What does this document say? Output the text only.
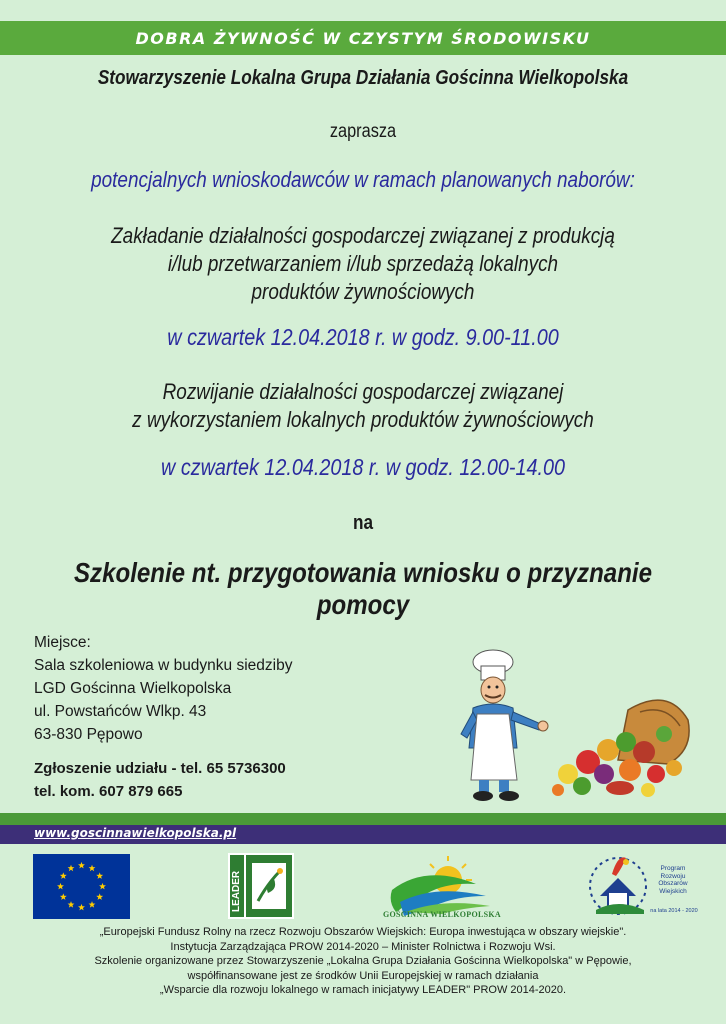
DOBRA ŻYWNOŚĆ W CZYSTYM ŚRODOWISKU
Stowarzyszenie Lokalna Grupa Działania Gościnna Wielkopolska
zaprasza
potencjalnych wnioskodawców w ramach planowanych naborów:
Zakładanie działalności gospodarczej związanej z produkcją
i/lub przetwarzaniem i/lub sprzedażą lokalnych
produktów żywnościowych
w czwartek 12.04.2018 r. w godz. 9.00-11.00
Rozwijanie działalności gospodarczej związanej
z wykorzystaniem lokalnych produktów żywnościowych
w czwartek 12.04.2018 r. w godz. 12.00-14.00
na
Szkolenie nt. przygotowania wniosku o przyznanie pomocy
Miejsce:
Sala szkoleniowa w budynku siedziby
LGD Gościnna Wielkopolska
ul. Powstańców Wlkp. 43
63-830 Pępowo
Zgłoszenie udziału - tel. 65 5736300
tel. kom. 607 879 665
www.goscinnawielkopolska.pl
LEADER
GOŚCINNA WIELKOPOLSKA
Program
Rozwoju
Obszarów
Wiejskich
na lata 2014 - 2020
„Europejski Fundusz Rolny na rzecz Rozwoju Obszarów Wiejskich: Europa inwestująca w obszary wiejskie".
Instytucja Zarządzająca PROW 2014-2020 – Minister Rolnictwa i Rozwoju Wsi.
Szkolenie organizowane przez Stowarzyszenie „Lokalna Grupa Działania Gościnna Wielkopolska" w Pępowie,
współfinansowane jest ze środków Unii Europejskiej w ramach działania
„Wsparcie dla rozwoju lokalnego w ramach inicjatywy LEADER" PROW 2014-2020.
